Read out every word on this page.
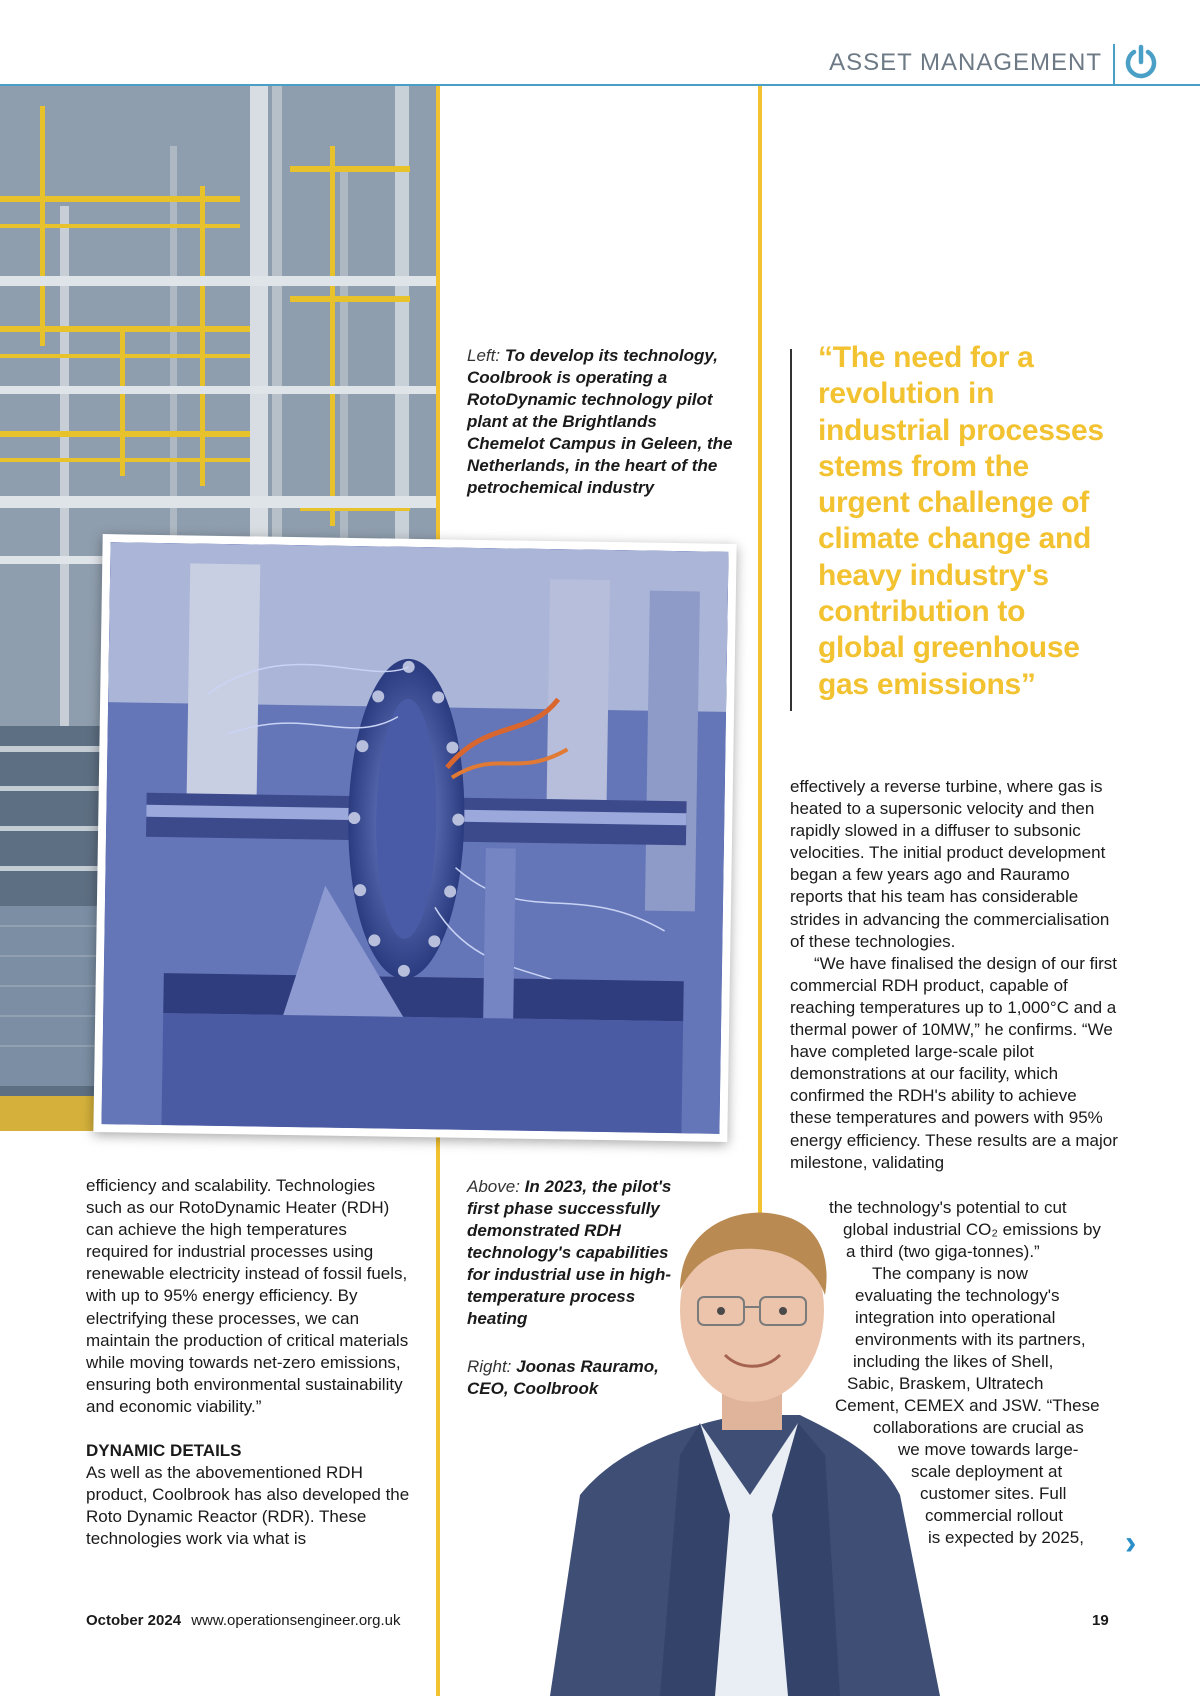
ASSET MANAGEMENT
Left: To develop its technology, Coolbrook is operating a RotoDynamic technology pilot plant at the Brightlands Chemelot Campus in Geleen, the Netherlands, in the heart of the petrochemical industry
“The need for a revolution in industrial processes stems from the urgent challenge of climate change and heavy industry's contribution to global greenhouse gas emissions”

efficiency and scalability. Technologies such as our RotoDynamic Heater (RDH) can achieve the high temperatures required for industrial processes using renewable electricity instead of fossil fuels, with up to 95% energy efficiency. By electrifying these processes, we can maintain the production of critical materials while moving towards net-zero emissions, ensuring both environmental sustainability and economic viability.”

DYNAMIC DETAILS

As well as the abovementioned RDH product, Coolbrook has also developed the Roto Dynamic Reactor (RDR). These technologies work via what is

Above: In 2023, the pilot's first phase successfully demonstrated RDH technology's capabilities for industrial use in high-temperature process heating
Right: Joonas Rauramo, CEO, Coolbrook

effectively a reverse turbine, where gas is heated to a supersonic velocity and then rapidly slowed in a diffuser to subsonic velocities. The initial product development began a few years ago and Rauramo reports that his team has considerable strides in advancing the commercialisation of these technologies.

“We have finalised the design of our first commercial RDH product, capable of reaching temperatures up to 1,000°C and a thermal power of 10MW,” he confirms. “We have completed large-scale pilot demonstrations at our facility, which confirmed the RDH's ability to achieve these temperatures and powers with 95% energy efficiency. These results are a major milestone, validating

the technology's potential to cut
global industrial CO₂ emissions by
a third (two giga-tonnes).”
The company is now
evaluating the technology's
integration into operational
environments with its partners,
including the likes of Shell,
Sabic, Braskem, Ultratech
Cement, CEMEX and JSW. “These
collaborations are crucial as
we move towards large-
scale deployment at
customer sites. Full
commercial rollout
is expected by 2025, ›
October 2024 www.operationsengineer.org.uk	19
